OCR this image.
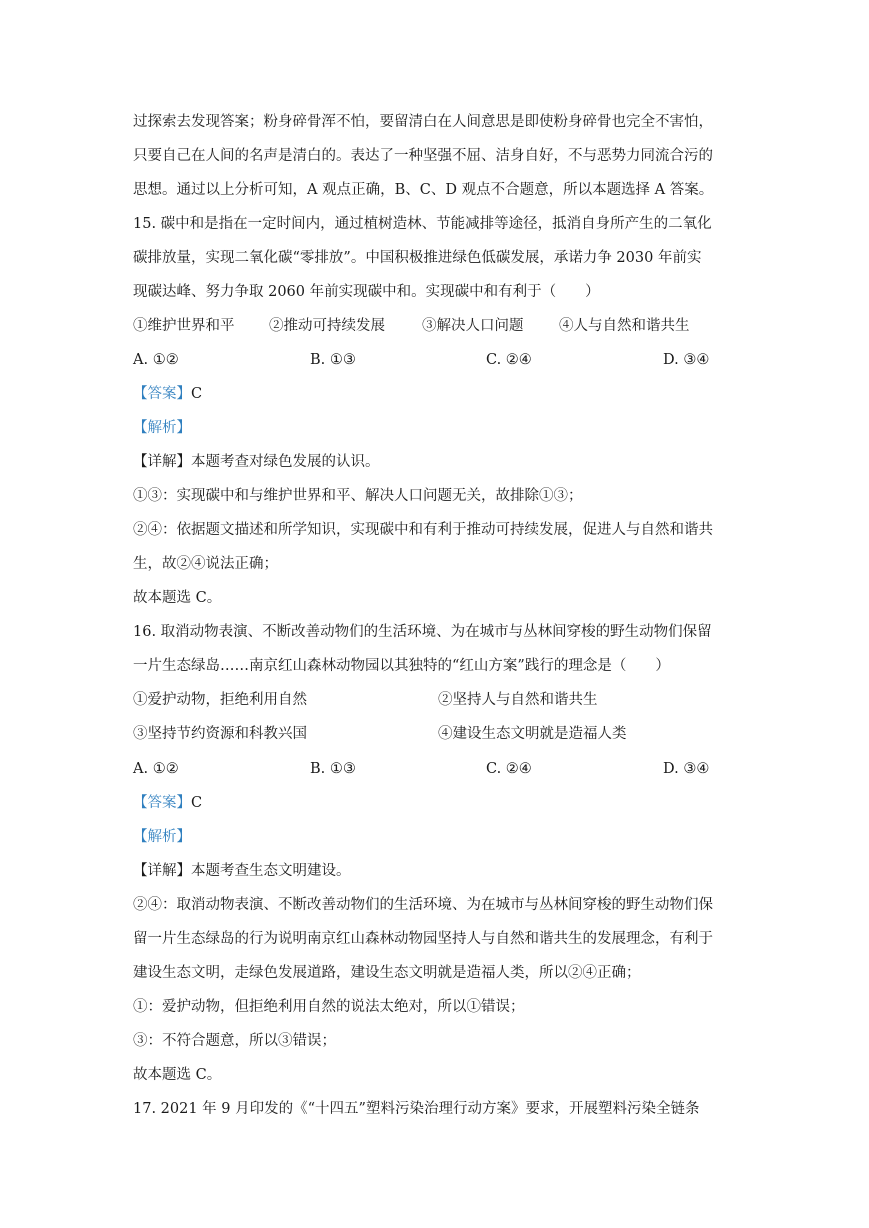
过探索去发现答案；粉身碎骨浑不怕，要留清白在人间意思是即使粉身碎骨也完全不害怕，
只要自己在人间的名声是清白的。表达了一种坚强不屈、洁身自好，不与恶势力同流合污的
思想。通过以上分析可知，A 观点正确，B、C、D 观点不合题意，所以本题选择 A 答案。
15. 碳中和是指在一定时间内，通过植树造林、节能减排等途径，抵消自身所产生的二氧化
碳排放量，实现二氧化碳“零排放”。中国积极推进绿色低碳发展，承诺力争 2030 年前实
现碳达峰、努力争取 2060 年前实现碳中和。实现碳中和有利于（　　）
①维护世界和平 ②推动可持续发展	③解决人口问题 ④人与自然和谐共生
A. ①②	B. ①③	C. ②④	D. ③④
【答案】C
【解析】
【详解】本题考查对绿色发展的认识。
①③：实现碳中和与维护世界和平、解决人口问题无关，故排除①③；
②④：依据题文描述和所学知识，实现碳中和有利于推动可持续发展，促进人与自然和谐共
生，故②④说法正确；
故本题选 C。
16. 取消动物表演、不断改善动物们的生活环境、为在城市与丛林间穿梭的野生动物们保留
一片生态绿岛……南京红山森林动物园以其独特的“红山方案”践行的理念是（　　）
①爱护动物，拒绝利用自然	②坚持人与自然和谐共生
③坚持节约资源和科教兴国	④建设生态文明就是造福人类
A. ①②	B. ①③	C. ②④	D. ③④
【答案】C
【解析】
【详解】本题考查生态文明建设。
②④：取消动物表演、不断改善动物们的生活环境、为在城市与丛林间穿梭的野生动物们保
留一片生态绿岛的行为说明南京红山森林动物园坚持人与自然和谐共生的发展理念，有利于
建设生态文明，走绿色发展道路，建设生态文明就是造福人类，所以②④正确；
①：爱护动物，但拒绝利用自然的说法太绝对，所以①错误；
③：不符合题意，所以③错误；
故本题选 C。
17. 2021 年 9 月印发的《“十四五”塑料污染治理行动方案》要求，开展塑料污染全链条
